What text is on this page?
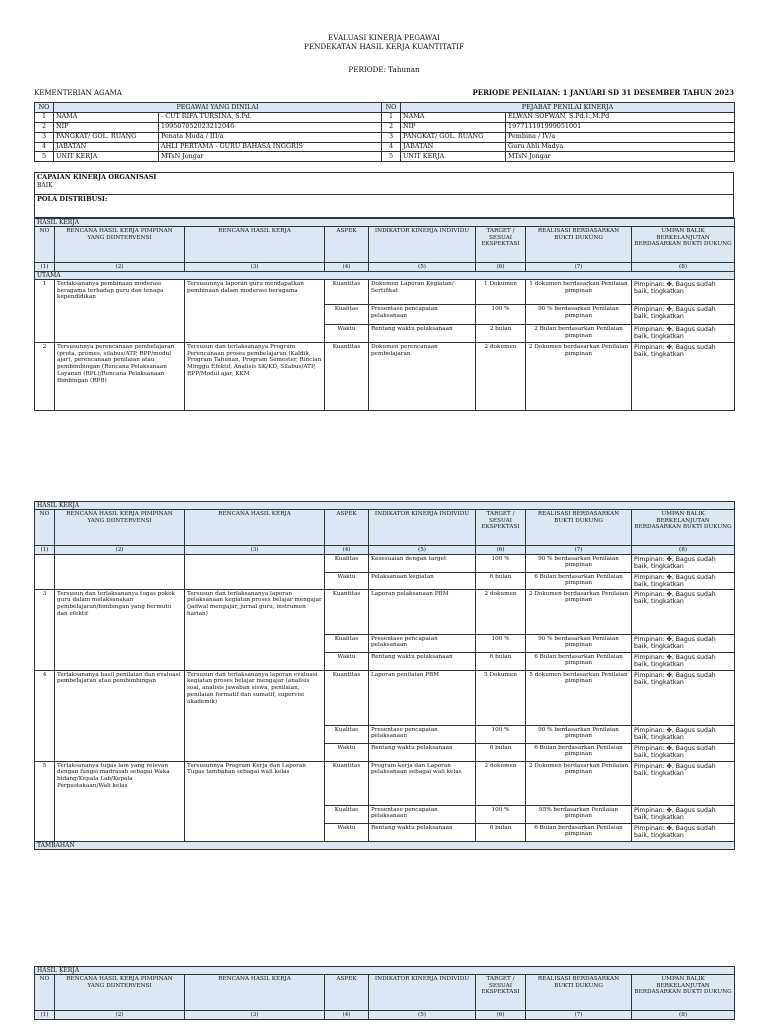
EVALUASI KINERJA PEGAWAI
PENDEKATAN HASIL KERJA KUANTITATIF
PERIODE: Tahunan
KEMENTERIAN AGAMA	PERIODE PENILAIAN: 1 JANUARI SD 31 DESEMBER TAHUN 2023
NO	PEGAWAI YANG DINILAI		NO	PEJABAT PENILAI KINERJA	
1	NAMA	- CUT RIFA TURSINA, S.Pd.	1	NAMA	ELWAN SOFWAN, S.Pd.I.,M.Pd
2	NIP	199507052023212046	2	NIP	197711191999051001
3	PANGKAT/ GOL. RUANG	Penata Muda / III/a	3	PANGKAT/ GOL. RUANG	Pembina / IV/a
4	JABATAN	AHLI PERTAMA - GURU BAHASA INGGRIS	4	JABATAN	Guru Ahli Madya
5	UNIT KERJA	MTsN Jongar	5	UNIT KERJA	MTsN Jongar
CAPAIAN KINERJA ORGANISASI
BAIK

POLA DISTRIBUSI:
HASIL KERJA							
NO	RENCANA HASIL KERJA PIMPINAN YANG DIINTERVENSI	RENCANA HASIL KERJA	ASPEK	INDIKATOR KINERJA INDIVIDU	TARGET / SESUAI EKSPEKTASI	REALISASI BERDASARKAN BUKTI DUKUNG	UMPAN BALIK BERKELANJUTAN BERDASARKAN BUKTI DUKUNG
(1)	(2)	(3)	(4)	(5)	(6)	(7)	(8)
UTAMA							
1	Terlaksananya pembinaan moderasi beragama terhadap guru dan tenaga kependidikan	Tersusunnya laporan guru mendapatkan pembinaan dalam moderasi beragama	Kuantitas	Dokumen Laporan Kegiatan/ Sertifikat	1 Dokumen	1 dokumen berdasarkan Penilaian pimpinan	Pimpinan: ✤, Bagus sudah baik, tingkatkan
			Kualitas	Presentase pencapaian pelaksanaan	100 %	90 % berdasarkan Penilaian pimpinan	Pimpinan: ✤, Bagus sudah baik, tingkatkan
			Waktu	Rentang waktu pelaksanaan	2 bulan	2 Bulan berdasarkan Penilaian pimpinan	Pimpinan: ✤, Bagus sudah baik, tingkatkan
2	Tersusunnya perencanaan pembelajaran (prota, promes, silabus/ATP, RPP/modul ajar), perencanaan penilaian atau pembimbingan (Rencana Pelaksanaan Layanan (RPL)/Rencana Pelaksanaan Bimbingan (RPB)	Tersusun dan terlaksananya Program Perencanaan proses pembelajaran (Kaldik, Program Tahunan, Program Semester, Rincian Minggu Efektif, Analisis SK/KD, Silabus/ATP, RPP/Modul ajar, KKM	Kuantitas	Dokumen perencanaan pembelajaran	2 dokumen	2 Dokumen berdasarkan Penilaian pimpinan	Pimpinan: ✤, Bagus sudah baik, tingkatkan
HASIL KERJA							
NO	RENCANA HASIL KERJA PIMPINAN YANG DIINTERVENSI	RENCANA HASIL KERJA	ASPEK	INDIKATOR KINERJA INDIVIDU	TARGET / SESUAI EKSPEKTASI	REALISASI BERDASARKAN BUKTI DUKUNG	UMPAN BALIK BERKELANJUTAN BERDASARKAN BUKTI DUKUNG
(1)	(2)	(3)	(4)	(5)	(6)	(7)	(8)
			Kualitas	Kesesuaian dengan target	100 %	90 % berdasarkan Penilaian pimpinan	Pimpinan: ✤, Bagus sudah baik, tingkatkan
			Waktu	Pelaksanaan kegiatan	6 bulan	6 Bulan berdasarkan Penilaian pimpinan	Pimpinan: ✤, Bagus sudah baik, tingkatkan
3	Tersusun dan terlaksananya tugas pokok guru dalam melaksanakan pembelajaran/bimbingan yang bermutu dan efektif	Tersusun dan terlaksananya laporan pelaksanaan kegiatan proses belajar mengajar (jadwal mengajar, jurnal guru, instrumen harian)	Kuantitas	Laporan pelaksanaan PBM	2 dokumen	2 Dokumen berdasarkan Penilaian pimpinan	Pimpinan: ✤, Bagus sudah baik, tingkatkan
			Kualitas	Presentase pencapaian pelaksanaan	100 %	90 % berdasarkan Penilaian pimpinan	Pimpinan: ✤, Bagus sudah baik, tingkatkan
			Waktu	Rentang waktu pelaksanaan	6 bulan	6 Bulan berdasarkan Penilaian pimpinan	Pimpinan: ✤, Bagus sudah baik, tingkatkan
4	Terlaksananya hasil penilaian dan evaluasi pembelajaran atau pembimbingan	Tersusun dan terlaksananya laporan evaluasi kegiatan proses belajar mengajar (analisis soal, analisis jawaban siswa, penilaian, penilaian formatif dan sumatif, supervisi akademik)	Kuantitas	Laporan penilaian PBM	5 Dokumen	5 dokumen berdasarkan Penilaian pimpinan	Pimpinan: ✤, Bagus sudah baik, tingkatkan
			Kualitas	Presentase pencapaian pelaksanaan	100 %	90 % berdasarkan Penilaian pimpinan	Pimpinan: ✤, Bagus sudah baik, tingkatkan
			Waktu	Rentang waktu pelaksanaan	6 bulan	6 Bulan berdasarkan Penilaian pimpinan	Pimpinan: ✤, Bagus sudah baik, tingkatkan
5	Terlaksananya tugas lain yang relevan dengan fungsi madrasah sebagai Waka bidang/Kepala Lab/Kepala Perpustakaan/Wali kelas	Tersusunnya Program Kerja dan Laporan Tugas tambahan sebagai wali kelas	Kuantitas	Program kerja dan Laporan pelaksanaan sebagai wali kelas	2 dokumen	2 Dokumen berdasarkan Penilaian pimpinan	Pimpinan: ✤, Bagus sudah baik, tingkatkan
			Kualitas	Presentase pencapaian pelaksanaan	100 %	95% berdasarkan Penilaian pimpinan	Pimpinan: ✤, Bagus sudah baik, tingkatkan
			Waktu	Rentang waktu pelaksanaan	6 bulan	6 Bulan berdasarkan Penilaian pimpinan	Pimpinan: ✤, Bagus sudah baik, tingkatkan
TAMBAHAN							
HASIL KERJA							
NO	RENCANA HASIL KERJA PIMPINAN YANG DIINTERVENSI	RENCANA HASIL KERJA	ASPEK	INDIKATOR KINERJA INDIVIDU	TARGET / SESUAI EKSPEKTASI	REALISASI BERDASARKAN BUKTI DUKUNG	UMPAN BALIK BERKELANJUTAN BERDASARKAN BUKTI DUKUNG
(1)	(2)	(3)	(4)	(5)	(6)	(7)	(8)
